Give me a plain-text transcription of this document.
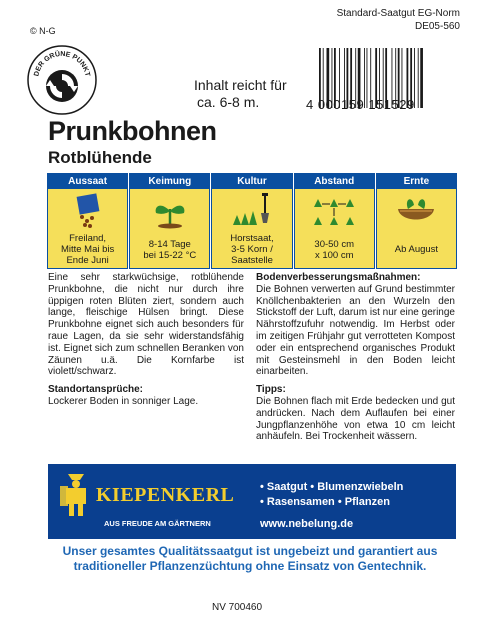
© N-G
Standard-Saatgut EG-Norm
DE05-560
DER GRÜNE PUNKT
Inhalt reicht für
ca. 6-8 m.	4 000159 151529
Prunkbohnen
Rotblühende
Aussaat
Freiland,
Mitte Mai bis
Ende Juni
Keimung
8-14 Tage
bei 15-22 °C
Kultur
Horstsaat,
3-5 Korn /
Saatstelle
Abstand
30-50 cm
x 100 cm
Ernte
Ab August

Eine sehr starkwüchsige, rotblühende Prunkbohne, die nicht nur durch ihre üppigen roten Blüten ziert, sondern auch lange, fleischige Hülsen bringt. Diese Prunkbohne eignet sich auch besonders für raue Lagen, da sie sehr widerstandsfähig ist. Eignet sich zum schnellen Beranken von Zäunen u.ä. Die Kornfarbe ist violett/schwarz.

Standortansprüche:

Lockerer Boden in sonniger Lage.

Bodenverbesserungsmaßnahmen:

Die Bohnen verwerten auf Grund bestimmter Knöllchenbakterien an den Wurzeln den Stickstoff der Luft, darum ist nur eine geringe Nährstoffzufuhr notwendig. Im Herbst oder im zeitigen Frühjahr gut verrotteten Kompost oder ein entsprechend organisches Produkt mit Gesteinsmehl in den Boden leicht einarbeiten.

Tipps:

Die Bohnen flach mit Erde bedecken und gut andrücken. Nach dem Auflaufen bei einer Jungpflanzenhöhe von etwa 10 cm leicht anhäufeln. Bei Trockenheit wässern.

KIEPENKERL
AUS FREUDE AM GÄRTNERN
• Saatgut • Blumenzwiebeln
• Rasensamen • Pflanzen
www.nebelung.de
Unser gesamtes Qualitätssaatgut ist ungebeizt und garantiert aus
traditioneller Pflanzenzüchtung ohne Einsatz von Gentechnik.
NV 700460
